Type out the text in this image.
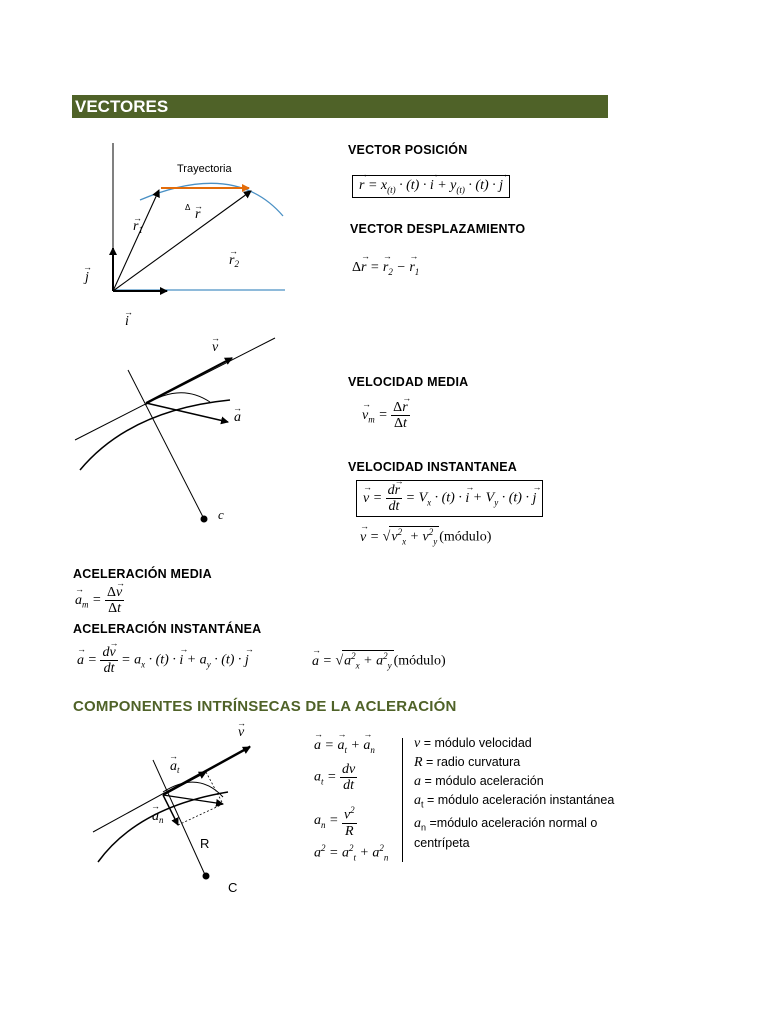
VECTORES
Trayectoria
$r_1$
→
$r_2$
→
Δ r
→
j
→
i
→
VECTOR POSICIÓN
→ $r = x_{(t)} \cdot (t)$ · → $i + y_{(t)} \cdot (t)$ · → j
VECTOR DESPLAZAMIENTO
Δ→ r = → $r_2$ − → $r_1$
v
→
a
→
c
VELOCIDAD MEDIA
→ $v_m = \frac{\Delta\to r}{\Delta t}$
VELOCIDAD INSTANTANEA
→ $v = \frac{d\to r}{dt} = V_x \cdot (t)$ · → $i + V_y \cdot (t)$ · → j
→ $v = √v^2_x + v^2_y$ (módulo)
ACELERACIÓN MEDIA
→ $a_m = \frac{\Delta\to v}{\Delta t}$
ACELERACIÓN INSTANTÁNEA
→ $a = \frac{d\to v}{dt} = a_x \cdot (t)$ · → $i + a_y \cdot (t)$ · → j
→	$a = √a^2_x + a^2_y$ (módulo)
COMPONENTES INTRÍNSECAS DE LA ACLERACIÓN
v
→
$a_t$
→
$a_n$
→
R
C
→ a = → $a_t$ + → $a_n$
$a_t = \frac{dv}{dt}$
$a_n = \frac{v^2}{R}$
$a^2 = a^2_t + a^2_n$
v = módulo velocidad
R = radio curvatura
a = módulo aceleración
$a_t$ = módulo aceleración instantánea
$a_n$ =módulo aceleración normal o
centrípeta
